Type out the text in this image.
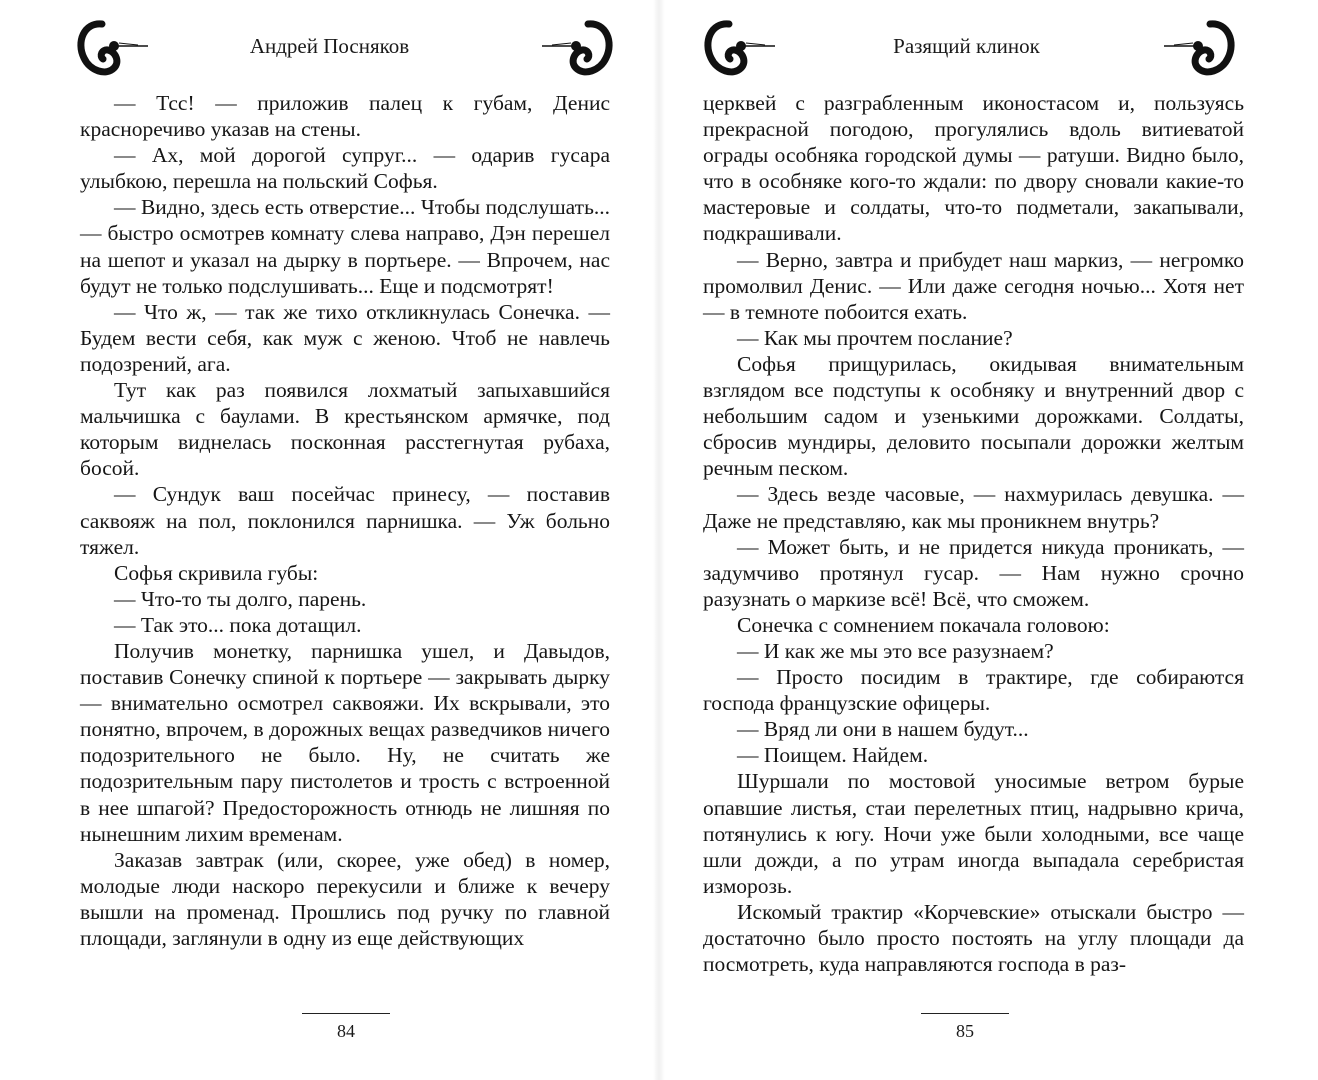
Андрей Посняков

— Тсс! — приложив палец к губам, Денис красноречиво указав на стены.

— Ах, мой дорогой супруг... — одарив гусара улыбкою, перешла на польский Софья.

— Видно, здесь есть отверстие... Чтобы подслушать... — быстро осмотрев комнату слева направо, Дэн перешел на шепот и указал на дырку в портьере. — Впрочем, нас будут не только подслушивать... Еще и подсмотрят!

— Что ж, — так же тихо откликнулась Сонечка. — Будем вести себя, как муж с женою. Чтоб не навлечь подозрений, ага.

Тут как раз появился лохматый запыхавшийся мальчишка с баулами. В крестьянском армячке, под которым виднелась посконная расстегнутая рубаха, босой.

— Сундук ваш посейчас принесу, — поставив саквояж на пол, поклонился парнишка. — Уж больно тяжел.

Софья скривила губы:

— Что-то ты долго, парень.

— Так это... пока дотащил.

Получив монетку, парнишка ушел, и Давыдов, поставив Сонечку спиной к портьере — закрывать дырку — внимательно осмотрел саквояжи. Их вскрывали, это понятно, впрочем, в дорожных вещах разведчиков ничего подозрительного не было. Ну, не считать же подозрительным пару пистолетов и трость с встроенной в нее шпагой? Предосторожность отнюдь не лишняя по нынешним лихим временам.

Заказав завтрак (или, скорее, уже обед) в номер, молодые люди наскоро перекусили и ближе к вечеру вышли на променад. Прошлись под ручку по главной площади, заглянули в одну из еще действующих

84
Разящий клинок

церквей с разграбленным иконостасом и, пользуясь прекрасной погодою, прогулялись вдоль витиеватой ограды особняка городской думы — ратуши. Видно было, что в особняке кого-то ждали: по двору сновали какие-то мастеровые и солдаты, что-то подметали, закапывали, подкрашивали.

— Верно, завтра и прибудет наш маркиз, — негромко промолвил Денис. — Или даже сегодня ночью... Хотя нет — в темноте побоится ехать.

— Как мы прочтем послание?

Софья прищурилась, окидывая внимательным взглядом все подступы к особняку и внутренний двор с небольшим садом и узенькими дорожками. Солдаты, сбросив мундиры, деловито посыпали дорожки желтым речным песком.

— Здесь везде часовые, — нахмурилась девушка. — Даже не представляю, как мы проникнем внутрь?

— Может быть, и не придется никуда проникать, — задумчиво протянул гусар. — Нам нужно срочно разузнать о маркизе всё! Всё, что сможем.

Сонечка с сомнением покачала головою:

— И как же мы это все разузнаем?

— Просто посидим в трактире, где собираются господа французские офицеры.

— Вряд ли они в нашем будут...

— Поищем. Найдем.

Шуршали по мостовой уносимые ветром бурые опавшие листья, стаи перелетных птиц, надрывно крича, потянулись к югу. Ночи уже были холодными, все чаще шли дожди, а по утрам иногда выпадала серебристая изморозь.

Искомый трактир «Корчевские» отыскали быстро — достаточно было просто постоять на углу площади да посмотреть, куда направляются господа в раз-

85
